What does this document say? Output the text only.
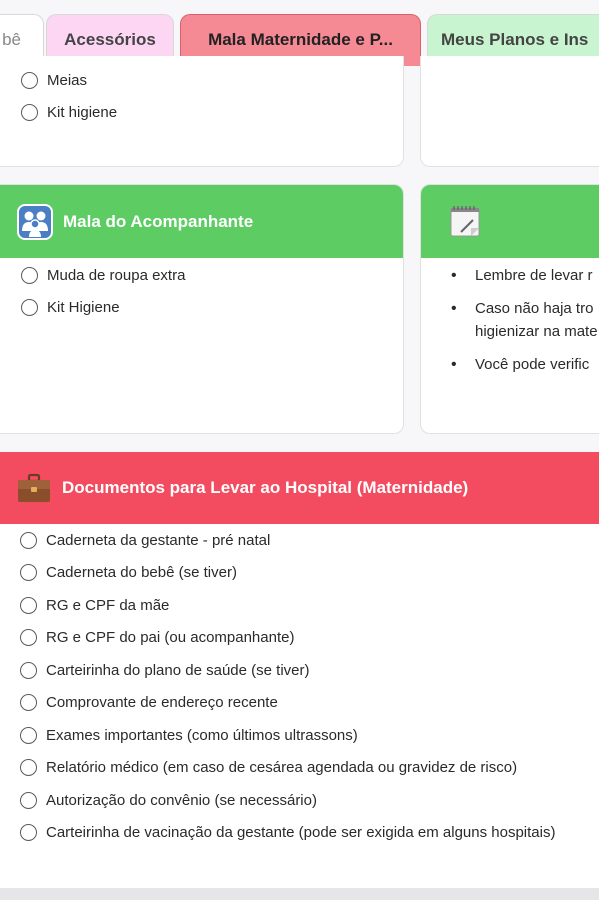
bê	Acessórios	Mala Maternidade e P...	Meus Planos e Ins
Meias
Kit higiene
Mala do Acompanhante
Muda de roupa extra
Kit Higiene
• Lembre de levar r
• Caso não haja tro higienizar na mate
• Você pode verific
Documentos para Levar ao Hospital (Maternidade)
Caderneta da gestante - pré natal
Caderneta do bebê (se tiver)
RG e CPF da mãe
RG e CPF do pai (ou acompanhante)
Carteirinha do plano de saúde (se tiver)
Comprovante de endereço recente
Exames importantes (como últimos ultrassons)
Relatório médico (em caso de cesárea agendada ou gravidez de risco)
Autorização do convênio (se necessário)
Carteirinha de vacinação da gestante (pode ser exigida em alguns hospitais)
